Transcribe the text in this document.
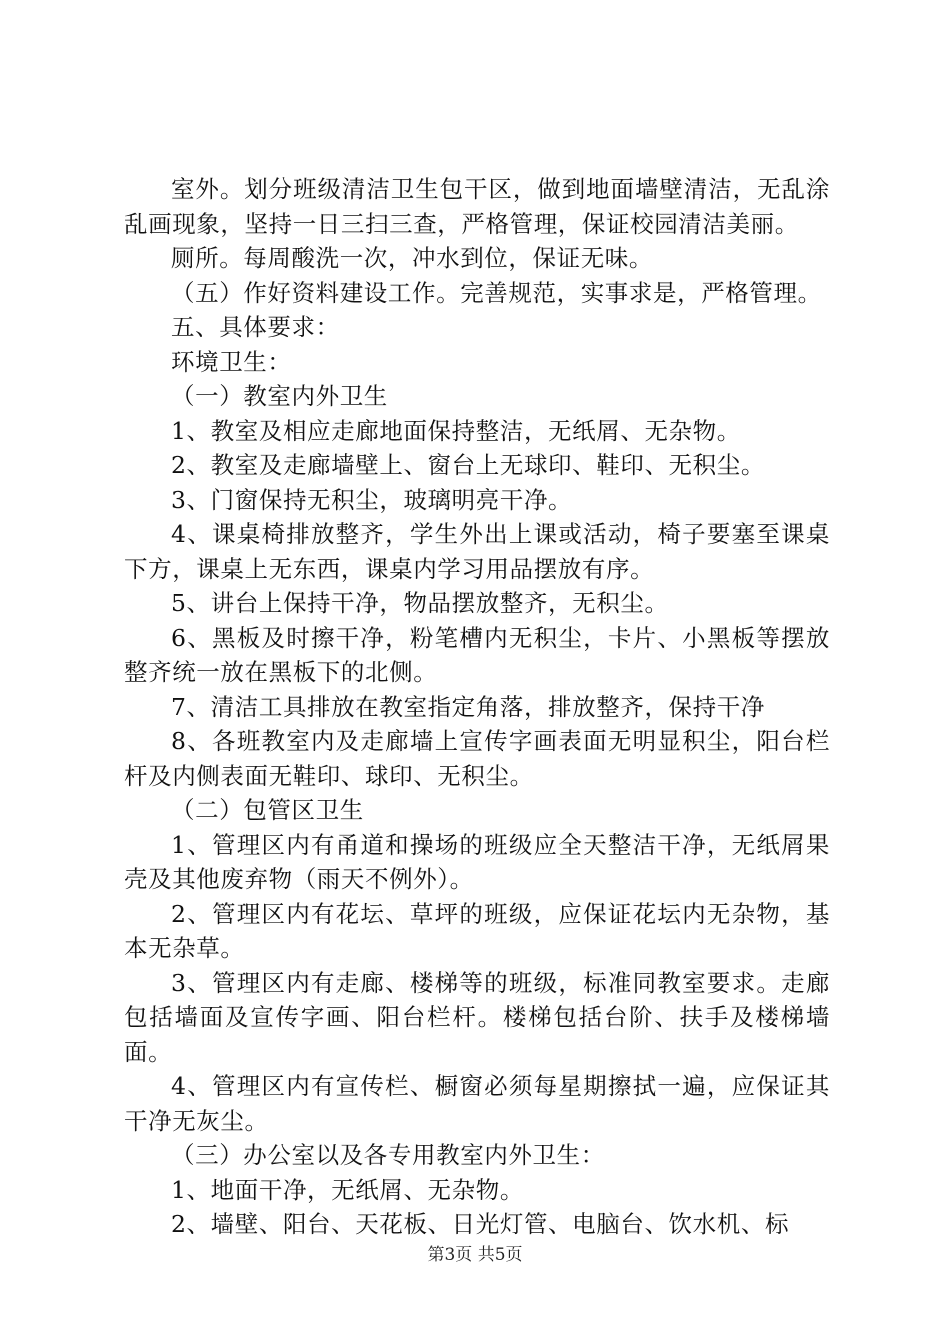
室外。划分班级清洁卫生包干区，做到地面墙壁清洁，无乱涂乱画现象，坚持一日三扫三查，严格管理，保证校园清洁美丽。

厕所。每周酸洗一次，冲水到位，保证无味。

（五）作好资料建设工作。完善规范，实事求是，严格管理。

五、具体要求：

环境卫生：

（一）教室内外卫生

1、教室及相应走廊地面保持整洁，无纸屑、无杂物。

2、教室及走廊墙壁上、窗台上无球印、鞋印、无积尘。

3、门窗保持无积尘，玻璃明亮干净。

4、课桌椅排放整齐，学生外出上课或活动，椅子要塞至课桌下方，课桌上无东西，课桌内学习用品摆放有序。

5、讲台上保持干净，物品摆放整齐，无积尘。

6、黑板及时擦干净，粉笔槽内无积尘，卡片、小黑板等摆放整齐统一放在黑板下的北侧。

7、清洁工具排放在教室指定角落，排放整齐，保持干净

8、各班教室内及走廊墙上宣传字画表面无明显积尘，阳台栏杆及内侧表面无鞋印、球印、无积尘。

（二）包管区卫生

1、管理区内有甬道和操场的班级应全天整洁干净，无纸屑果壳及其他废弃物（雨天不例外）。

2、管理区内有花坛、草坪的班级，应保证花坛内无杂物，基本无杂草。

3、管理区内有走廊、楼梯等的班级，标准同教室要求。走廊包括墙面及宣传字画、阳台栏杆。楼梯包括台阶、扶手及楼梯墙面。

4、管理区内有宣传栏、橱窗必须每星期擦拭一遍，应保证其干净无灰尘。

（三）办公室以及各专用教室内外卫生：

1、地面干净，无纸屑、无杂物。

2、墙壁、阳台、天花板、日光灯管、电脑台、饮水机、标

第3页 共5页
